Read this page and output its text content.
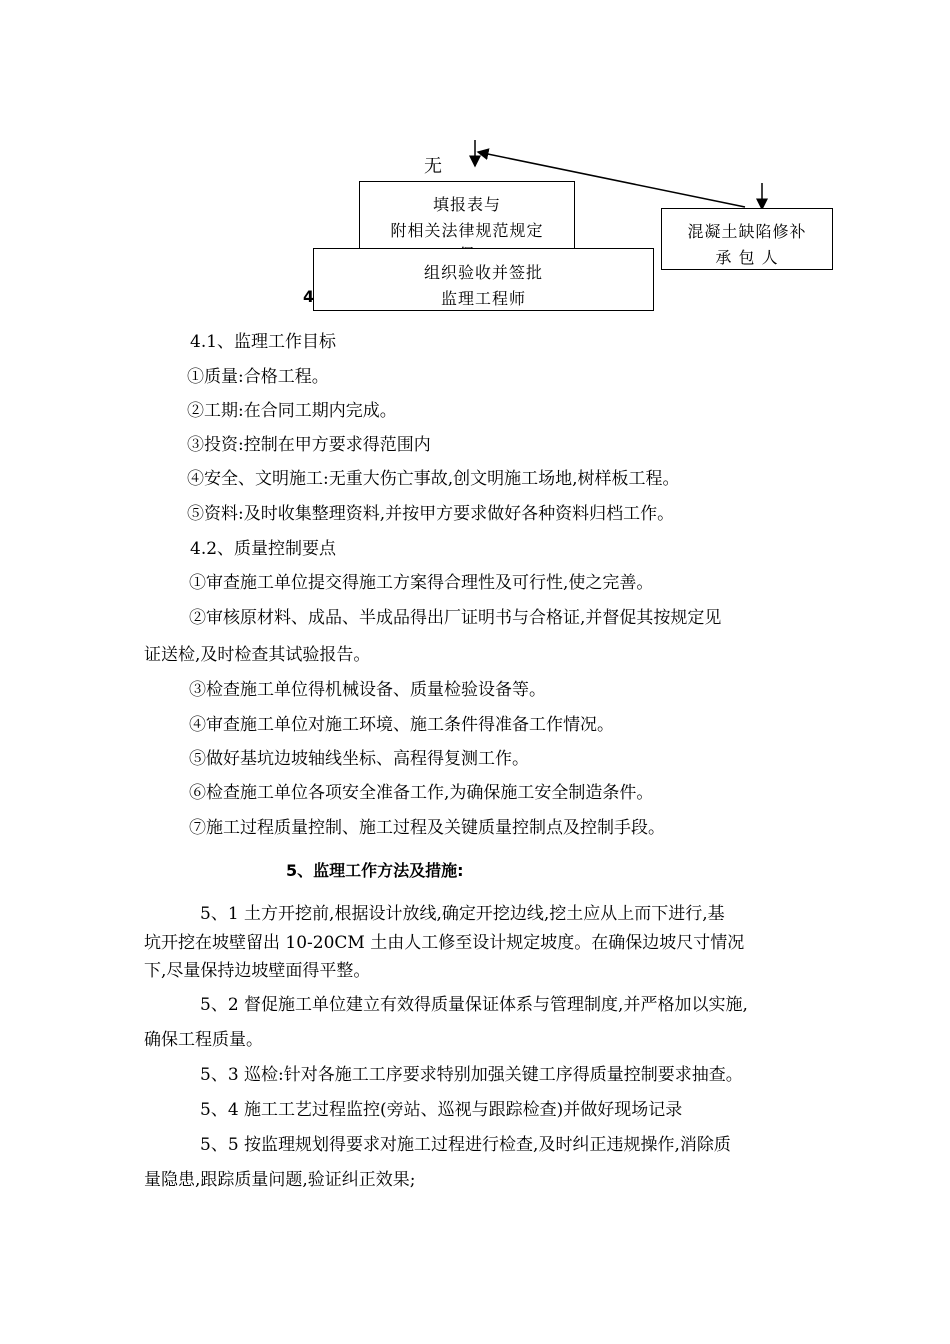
无
填报表与
附相关法律规范规定
组织验收并签批
监理工程师
混凝土缺陷修补
承 包 人
4
4.1、监理工作目标
①质量:合格工程。
②工期:在合同工期内完成。
③投资:控制在甲方要求得范围内
④安全、文明施工:无重大伤亡事故,创文明施工场地,树样板工程。
⑤资料:及时收集整理资料,并按甲方要求做好各种资料归档工作。
4.2、质量控制要点
①审查施工单位提交得施工方案得合理性及可行性,使之完善。
②审核原材料、成品、半成品得出厂证明书与合格证,并督促其按规定见
证送检,及时检查其试验报告。
③检查施工单位得机械设备、质量检验设备等。
④审查施工单位对施工环境、施工条件得准备工作情况。
⑤做好基坑边坡轴线坐标、高程得复测工作。
⑥检查施工单位各项安全准备工作,为确保施工安全制造条件。
⑦施工过程质量控制、施工过程及关键质量控制点及控制手段。
5、监理工作方法及措施:
5、1 土方开挖前,根据设计放线,确定开挖边线,挖土应从上而下进行,基
坑开挖在坡壁留出 10-20CM 土由人工修至设计规定坡度。在确保边坡尺寸情况
下,尽量保持边坡壁面得平整。
5、2 督促施工单位建立有效得质量保证体系与管理制度,并严格加以实施,
确保工程质量。
5、3 巡检:针对各施工工序要求特别加强关键工序得质量控制要求抽查。
5、4 施工工艺过程监控(旁站、巡视与跟踪检查)并做好现场记录
5、5 按监理规划得要求对施工过程进行检查,及时纠正违规操作,消除质
量隐患,跟踪质量问题,验证纠正效果;
